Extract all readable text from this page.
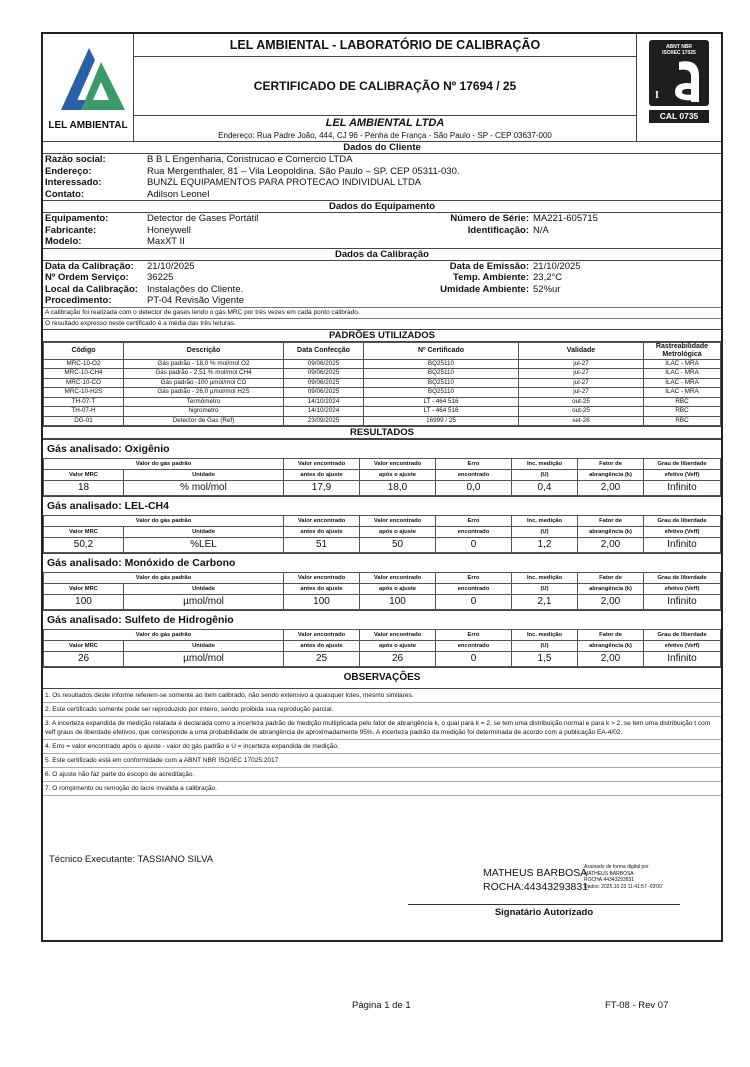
LEL AMBIENTAL
LEL AMBIENTAL - LABORATÓRIO DE CALIBRAÇÃO
CERTIFICADO DE CALIBRAÇÃO Nº 17694 / 25
LEL AMBIENTAL LTDA
Endereço: Rua Padre João, 444, CJ 96 - Penha de França - São Paulo - SP - CEP 03637-000
ABNT NBR
ISO/IEC 17025
I
CAL 0735
Dados do Cliente
Razão social:	B B L Engenharia, Construcao e Comercio LTDA
Endereço:	Rua Mergenthaler, 81 – Vila Leopoldina. São Paulo – SP. CEP 05311-030.
Interessado:	BUNZL EQUIPAMENTOS PARA PROTECAO INDIVIDUAL LTDA
Contato:	Adilson Leonel
Dados do Equipamento
Equipamento:	Detector de Gases Portátil	Número de Série: MA221-605715
Fabricante:	Honeywell	Identificação: N/A
Modelo:	MaxXT II
Dados da Calibração
Data da Calibração: 21/10/2025	Data de Emissão: 21/10/2025
Nº Ordem Serviço: 36225	Temp. Ambiente: 23,2°C
Local da Calibração: Instalações do Cliente.	Umidade Ambiente: 52%ur
Procedimento:	PT-04 Revisão Vigente
A calibração foi realizada com o detector de gases lendo o gás MRC por três vezes em cada ponto calibrado.
O resultado expresso neste certificado é a média das três leituras.
PADRÕES UTILIZADOS
Código	Descrição	Data Confecção	Nº Certificado	Validade	Rastreabilidade Metrológica
MRC-10-O2	Gás padrão - 18,0 % mol/mol O2	09/06/2025	BQ25110	jul-27	ILAC - MRA
MRC-10-CH4	Gás padrão - 2,51 % mol/mol CH4	09/06/2025	BQ25110	jul-27	ILAC - MRA
MRC-10-CO	Gás padrão -100 µmol/mol CO	09/06/2025	BQ25110	jul-27	ILAC - MRA
MRC-10-H2S	Gás padrão - 26,0 µmol/mol H2S	09/06/2025	BQ25110	jul-27	ILAC - MRA
TH-07-T	Termômetro	14/10/2024	LT - 464 516	out-25	RBC
TH-07-H	higrometro	14/10/2024	LT - 464 516	out-25	RBC
DG-01	Detector de Gas (Ref)	23/09/2025	16999 / 25	set-26	RBC
RESULTADOS
Gás analisado: Oxigênio
Valor do gás padrão		Valor encontrado	Valor encontrado	Erro	Inc. medição	Fator de	Grau de liberdade
Valor MRC	Unidade	antes do ajuste	após o ajuste	encontrado	(U)	abrangência (k)	efetivo (Veff)
18	% mol/mol	17,9	18,0	0,0	0,4	2,00	Infinito
Gás analisado: LEL-CH4
Valor do gás padrão		Valor encontrado	Valor encontrado	Erro	Inc. medição	Fator de	Grau de liberdade
Valor MRC	Unidade	antes do ajuste	após o ajuste	encontrado	(U)	abrangência (k)	efetivo (Veff)
50,2	%LEL	51	50	0	1,2	2,00	Infinito
Gás analisado: Monóxido de Carbono
Valor do gás padrão		Valor encontrado	Valor encontrado	Erro	Inc. medição	Fator de	Grau de liberdade
Valor MRC	Unidade	antes do ajuste	após o ajuste	encontrado	(U)	abrangência (k)	efetivo (Veff)
100	µmol/mol	100	100	0	2,1	2,00	Infinito
Gás analisado: Sulfeto de Hidrogênio
Valor do gás padrão		Valor encontrado	Valor encontrado	Erro	Inc. medição	Fator de	Grau de liberdade
Valor MRC	Unidade	antes do ajuste	após o ajuste	encontrado	(U)	abrangência (k)	efetivo (Veff)
26	µmol/mol	25	26	0	1,5	2,00	Infinito
OBSERVAÇÕES
1. Os resultados deste informe referem-se somente ao item calibrado, não sendo extensivo a quaisquer lotes, mesmo similares.
2. Este certificado somente pode ser reproduzido por inteiro, sendo proibida sua reprodução parcial.
3. A incerteza expandida de medição relatada é declarada como a incerteza padrão de medição multiplicada pelo fator de abrangência k, o qual para k = 2, se tem uma distribuição normal e para k > 2, se tem uma distribuição t com veff graus de liberdade efetivos, que corresponde a uma probabilidade de abrangência de aproximadamente 95%. A incerteza padrão da medição foi determinada de acordo com a publicação EA-4/02.
4. Erro = valor encontrado após o ajuste - valor do gás padrão e U = incerteza expandida de medição.
5. Este certificado está em conformidade com a ABNT NBR ISO/IEC 17025:2017
6. O ajuste não faz parte do escopo de acreditação.
7. O rompimento ou remoção do lacre invalida a calibração.
Técnico Executante: TASSIANO SILVA
MATHEUS BARBOSA
ROCHA:44343293831
Assinado de forma digital por
MATHEUS BARBOSA
ROCHA:44343293831
Dados: 2025.10.23 11:41:57 -03'00'
Signatário Autorizado
Página 1 de 1	FT-08 - Rev 07
